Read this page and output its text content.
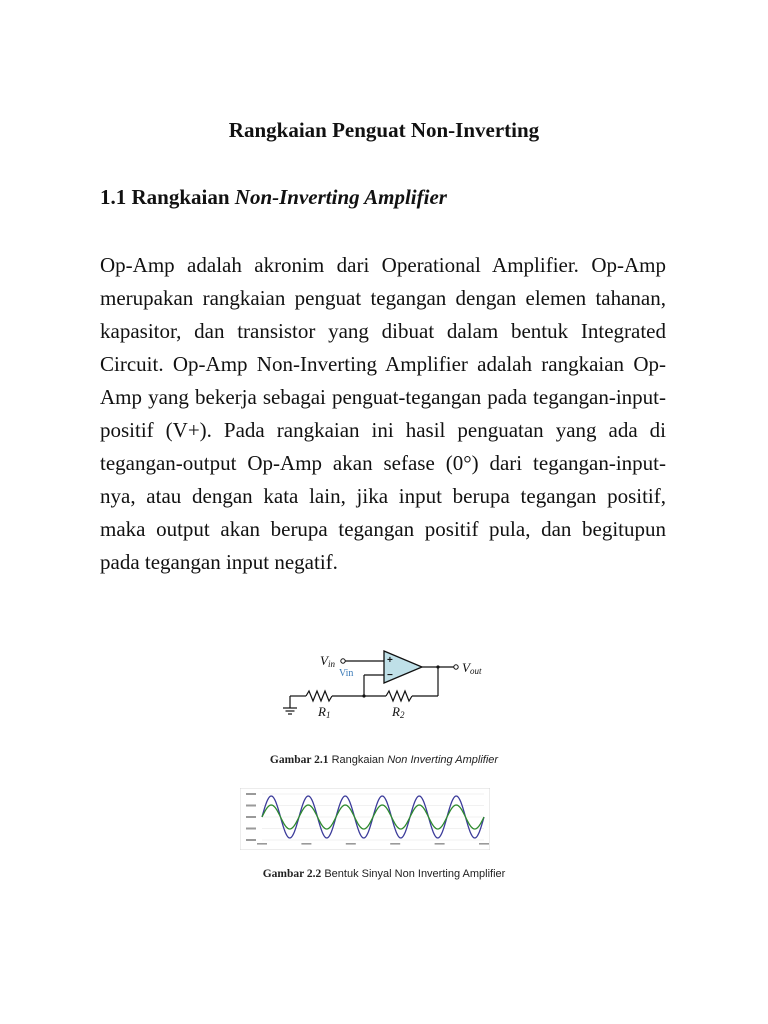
Rangkaian Penguat Non-Inverting
1.1 Rangkaian Non-Inverting Amplifier

Op-Amp adalah akronim dari Operational Amplifier. Op-Amp merupakan rangkaian penguat tegangan dengan elemen tahanan, kapasitor, dan transistor yang dibuat dalam bentuk Integrated Circuit. Op-Amp Non-Inverting Amplifier adalah rangkaian Op-Amp yang bekerja sebagai penguat-tegangan pada tegangan-input-positif (V+). Pada rangkaian ini hasil penguatan yang ada di tegangan-output Op-Amp akan sefase (0°) dari tegangan-input-nya, atau dengan kata lain, jika input berupa tegangan positif, maka output akan berupa tegangan positif pula, dan begitupun pada tegangan input negatif.

Vin
Vin
+
−
Vout
R1	R2
Gambar 2.1 Rangkaian Non Inverting Amplifier
Gambar 2.2 Bentuk Sinyal Non Inverting Amplifier
